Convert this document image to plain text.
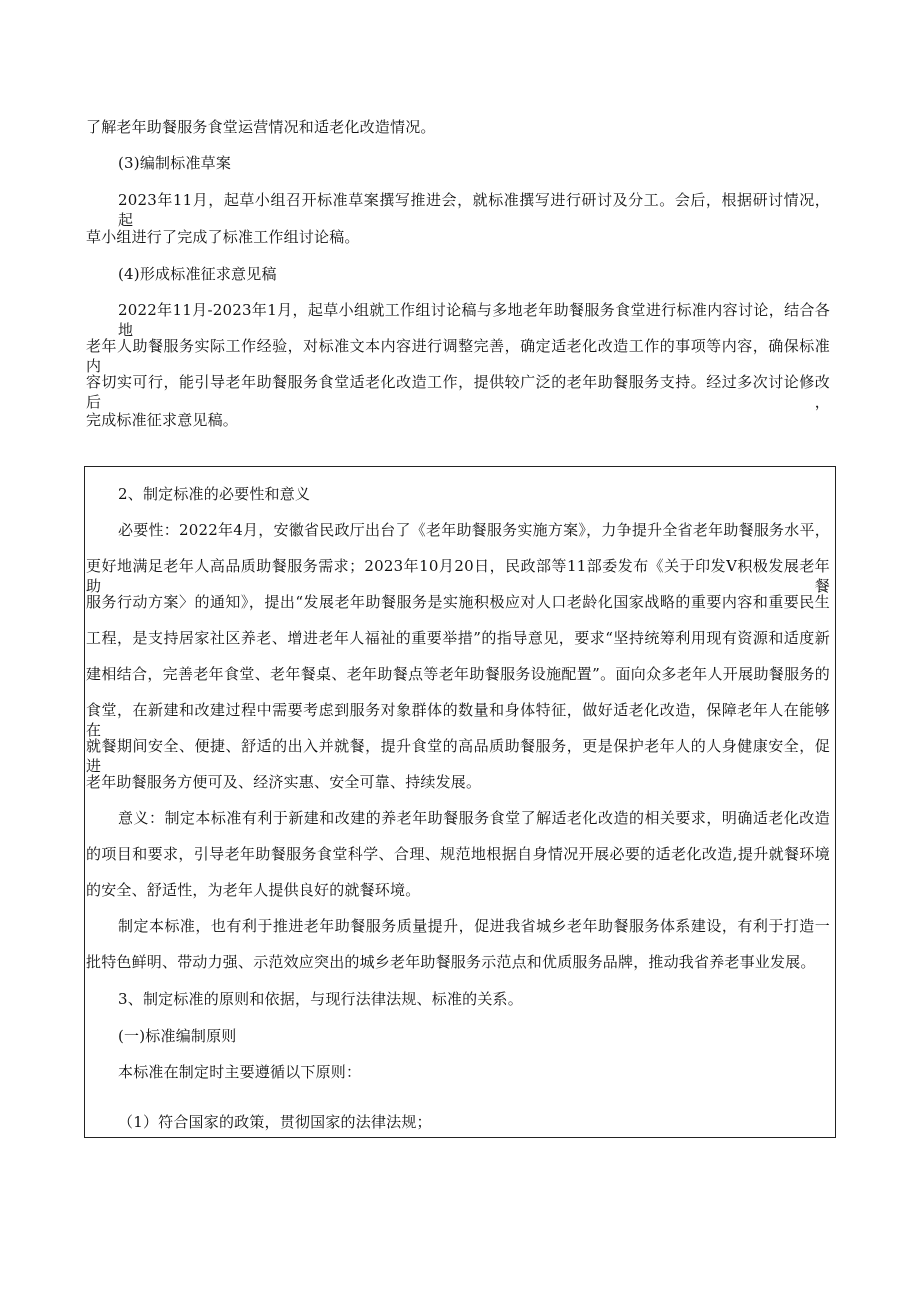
了解老年助餐服务食堂运营情况和适老化改造情况。
(3)编制标准草案
2023年11月，起草小组召开标准草案撰写推进会，就标准撰写进行研讨及分工。会后，根据研讨情况，起
草小组进行了完成了标准工作组讨论稿。
(4)形成标准征求意见稿
2022年11月-2023年1月，起草小组就工作组讨论稿与多地老年助餐服务食堂进行标准内容讨论，结合各地
老年人助餐服务实际工作经验，对标准文本内容进行调整完善，确定适老化改造工作的事项等内容，确保标准内
容切实可行，能引导老年助餐服务食堂适老化改造工作，提供较广泛的老年助餐服务支持。经过多次讨论修改后，
完成标准征求意见稿。
2、制定标准的必要性和意义
必要性：2022年4月，安徽省民政厅出台了《老年助餐服务实施方案》，力争提升全省老年助餐服务水平，
更好地满足老年人高品质助餐服务需求；2023年10月20日，民政部等11部委发布《关于印发V积极发展老年助餐
服务行动方案〉的通知》，提出“发展老年助餐服务是实施积极应对人口老龄化国家战略的重要内容和重要民生
工程，是支持居家社区养老、增进老年人福祉的重要举措”的指导意见，要求“坚持统筹利用现有资源和适度新
建相结合，完善老年食堂、老年餐桌、老年助餐点等老年助餐服务设施配置”。面向众多老年人开展助餐服务的
食堂，在新建和改建过程中需要考虑到服务对象群体的数量和身体特征，做好适老化改造，保障老年人在能够在
就餐期间安全、便捷、舒适的出入并就餐，提升食堂的高品质助餐服务，更是保护老年人的人身健康安全，促进
老年助餐服务方便可及、经济实惠、安全可靠、持续发展。
意义：制定本标准有利于新建和改建的养老年助餐服务食堂了解适老化改造的相关要求，明确适老化改造
的项目和要求，引导老年助餐服务食堂科学、合理、规范地根据自身情况开展必要的适老化改造,提升就餐环境
的安全、舒适性，为老年人提供良好的就餐环境。
制定本标准，也有利于推进老年助餐服务质量提升，促进我省城乡老年助餐服务体系建设，有利于打造一
批特色鲜明、带动力强、示范效应突出的城乡老年助餐服务示范点和优质服务品牌，推动我省养老事业发展。
3、制定标准的原则和依据，与现行法律法规、标准的关系。
(一)标准编制原则
本标准在制定时主要遵循以下原则：
（1）符合国家的政策，贯彻国家的法律法规；
